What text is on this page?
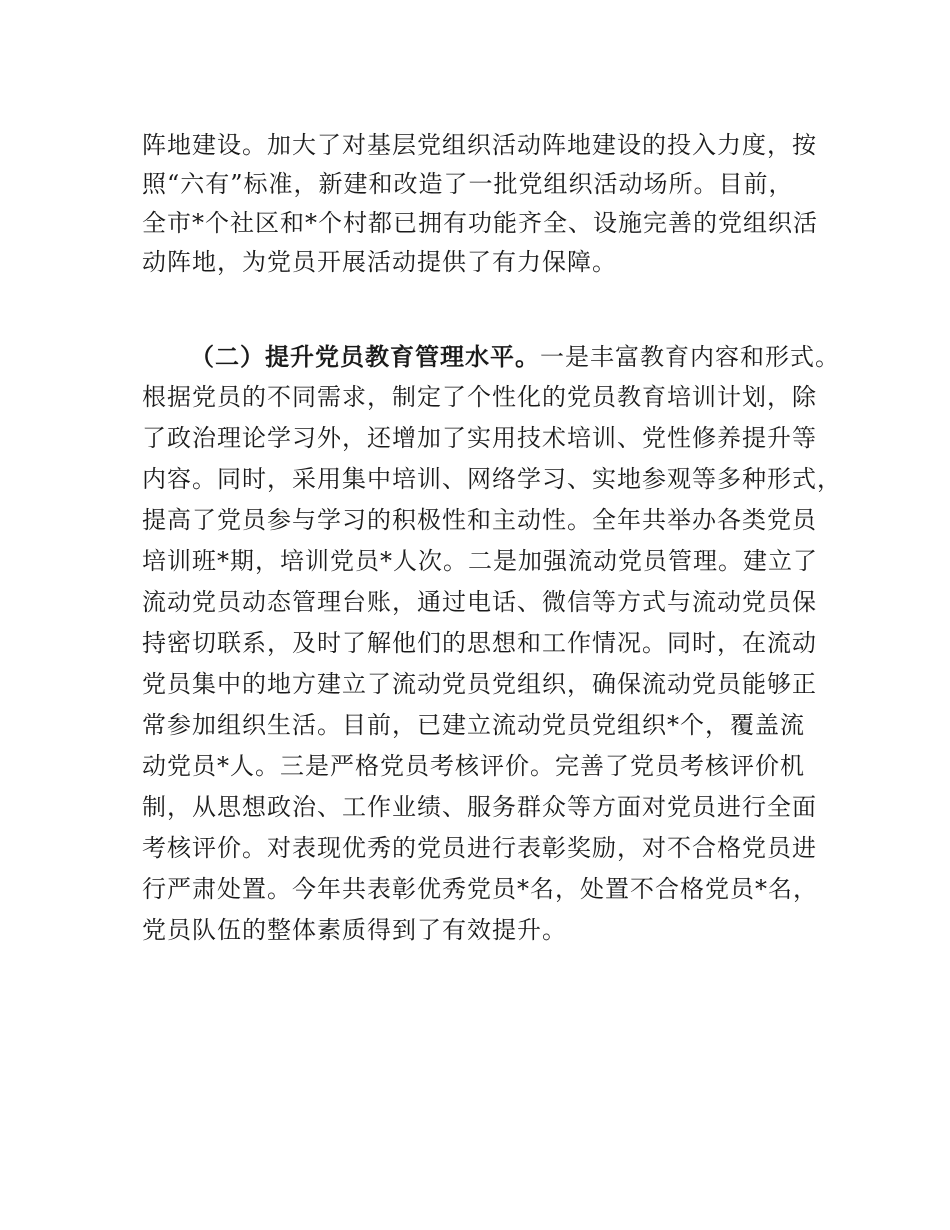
阵地建设。加大了对基层党组织活动阵地建设的投入力度，按
照“六有”标准，新建和改造了一批党组织活动场所。目前，
全市*个社区和*个村都已拥有功能齐全、设施完善的党组织活
动阵地，为党员开展活动提供了有力保障。
（二）提升党员教育管理水平。一是丰富教育内容和形式。
根据党员的不同需求，制定了个性化的党员教育培训计划，除
了政治理论学习外，还增加了实用技术培训、党性修养提升等
内容。同时，采用集中培训、网络学习、实地参观等多种形式，
提高了党员参与学习的积极性和主动性。全年共举办各类党员
培训班*期，培训党员*人次。二是加强流动党员管理。建立了
流动党员动态管理台账，通过电话、微信等方式与流动党员保
持密切联系，及时了解他们的思想和工作情况。同时，在流动
党员集中的地方建立了流动党员党组织，确保流动党员能够正
常参加组织生活。目前，已建立流动党员党组织*个，覆盖流
动党员*人。三是严格党员考核评价。完善了党员考核评价机
制，从思想政治、工作业绩、服务群众等方面对党员进行全面
考核评价。对表现优秀的党员进行表彰奖励，对不合格党员进
行严肃处置。今年共表彰优秀党员*名，处置不合格党员*名，
党员队伍的整体素质得到了有效提升。
